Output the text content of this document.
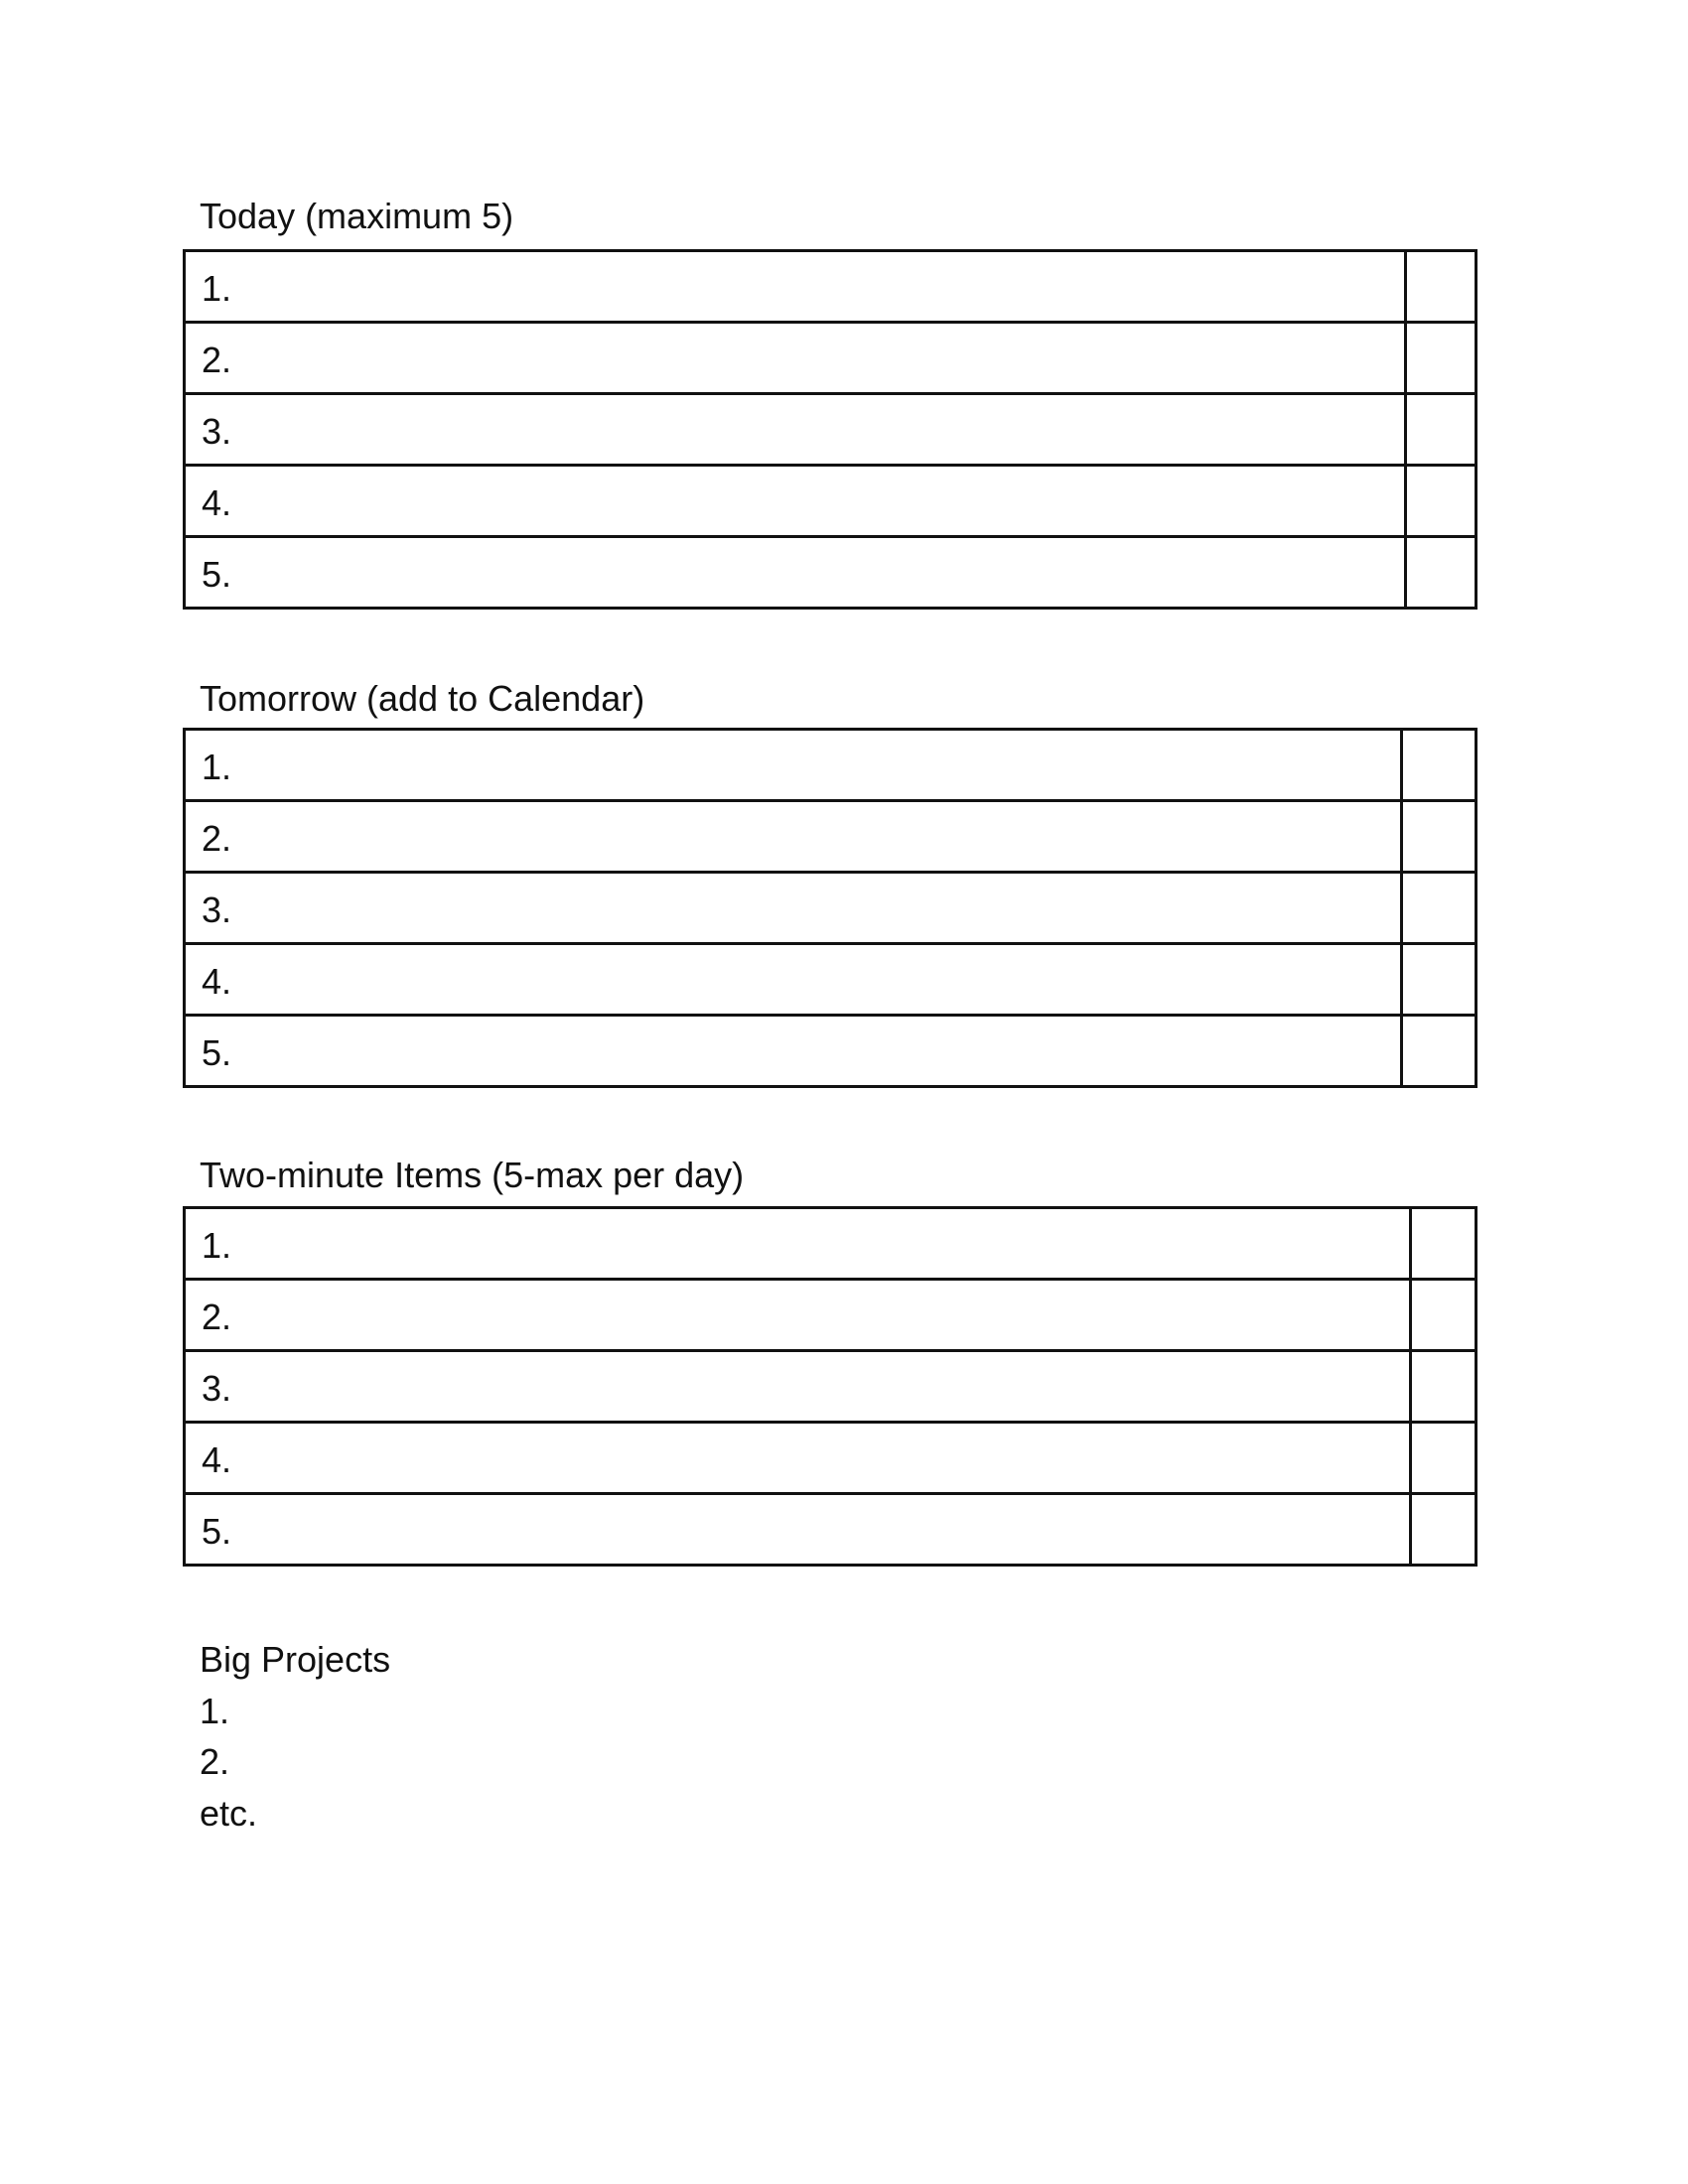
Today (maximum 5)
1.	
2.	
3.	
4.	
5.	
Tomorrow (add to Calendar)
1.	
2.	
3.	
4.	
5.	
Two-minute Items (5-max per day)
1.	
2.	
3.	
4.	
5.	
Big Projects
1.
2.
etc.
